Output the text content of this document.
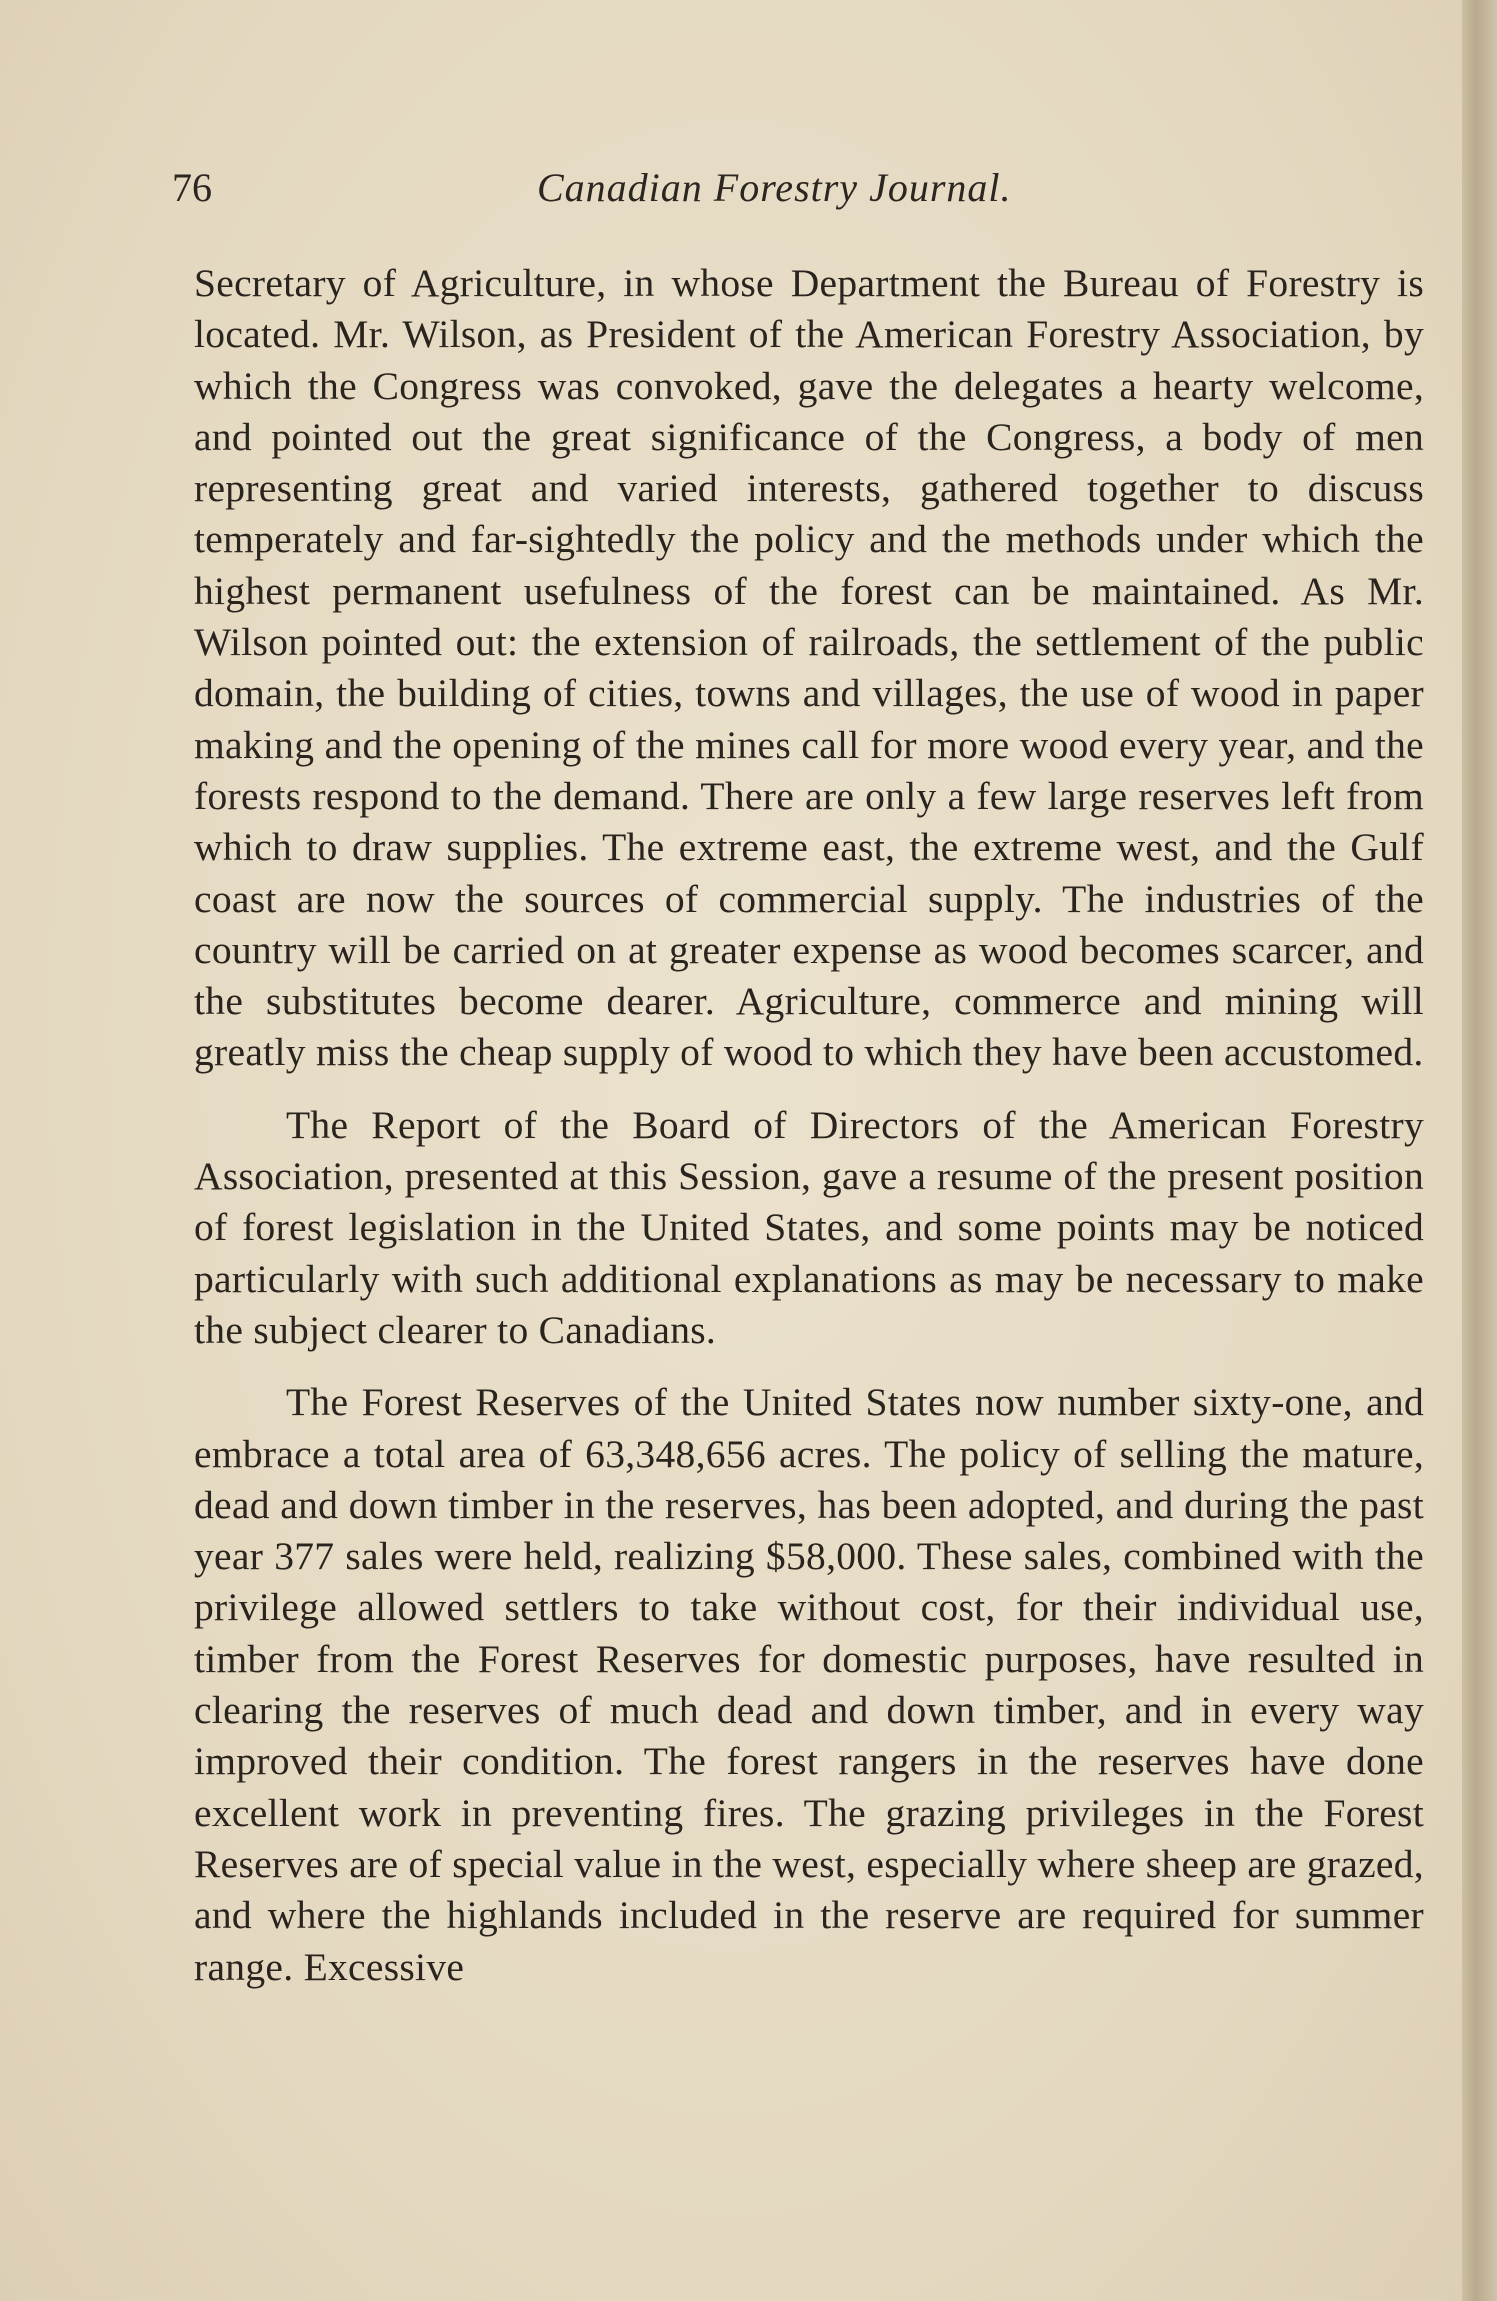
76	Canadian Forestry Journal.

Secretary of Agriculture, in whose Department the Bureau of Forestry is located. Mr. Wilson, as President of the American Forestry Association, by which the Congress was convoked, gave the delegates a hearty welcome, and pointed out the great significance of the Congress, a body of men representing great and varied interests, gathered together to discuss temperately and far-sightedly the policy and the methods under which the highest permanent usefulness of the forest can be maintained. As Mr. Wilson pointed out: the extension of railroads, the settlement of the public domain, the building of cities, towns and villages, the use of wood in paper making and the opening of the mines call for more wood every year, and the forests respond to the demand. There are only a few large reserves left from which to draw supplies. The extreme east, the extreme west, and the Gulf coast are now the sources of commercial supply. The industries of the country will be carried on at greater expense as wood becomes scarcer, and the substitutes become dearer. Agriculture, commerce and mining will greatly miss the cheap supply of wood to which they have been accustomed.

The Report of the Board of Directors of the American Forestry Association, presented at this Session, gave a resume of the present position of forest legislation in the United States, and some points may be noticed particularly with such additional explanations as may be necessary to make the subject clearer to Canadians.

The Forest Reserves of the United States now number sixty-one, and embrace a total area of 63,348,656 acres. The policy of selling the mature, dead and down timber in the reserves, has been adopted, and during the past year 377 sales were held, realizing $58,000. These sales, combined with the privilege allowed settlers to take without cost, for their individual use, timber from the Forest Reserves for domestic purposes, have resulted in clearing the reserves of much dead and down timber, and in every way improved their condition. The forest rangers in the reserves have done excellent work in preventing fires. The grazing privileges in the Forest Reserves are of special value in the west, especially where sheep are grazed, and where the highlands included in the reserve are required for summer range. Excessive
